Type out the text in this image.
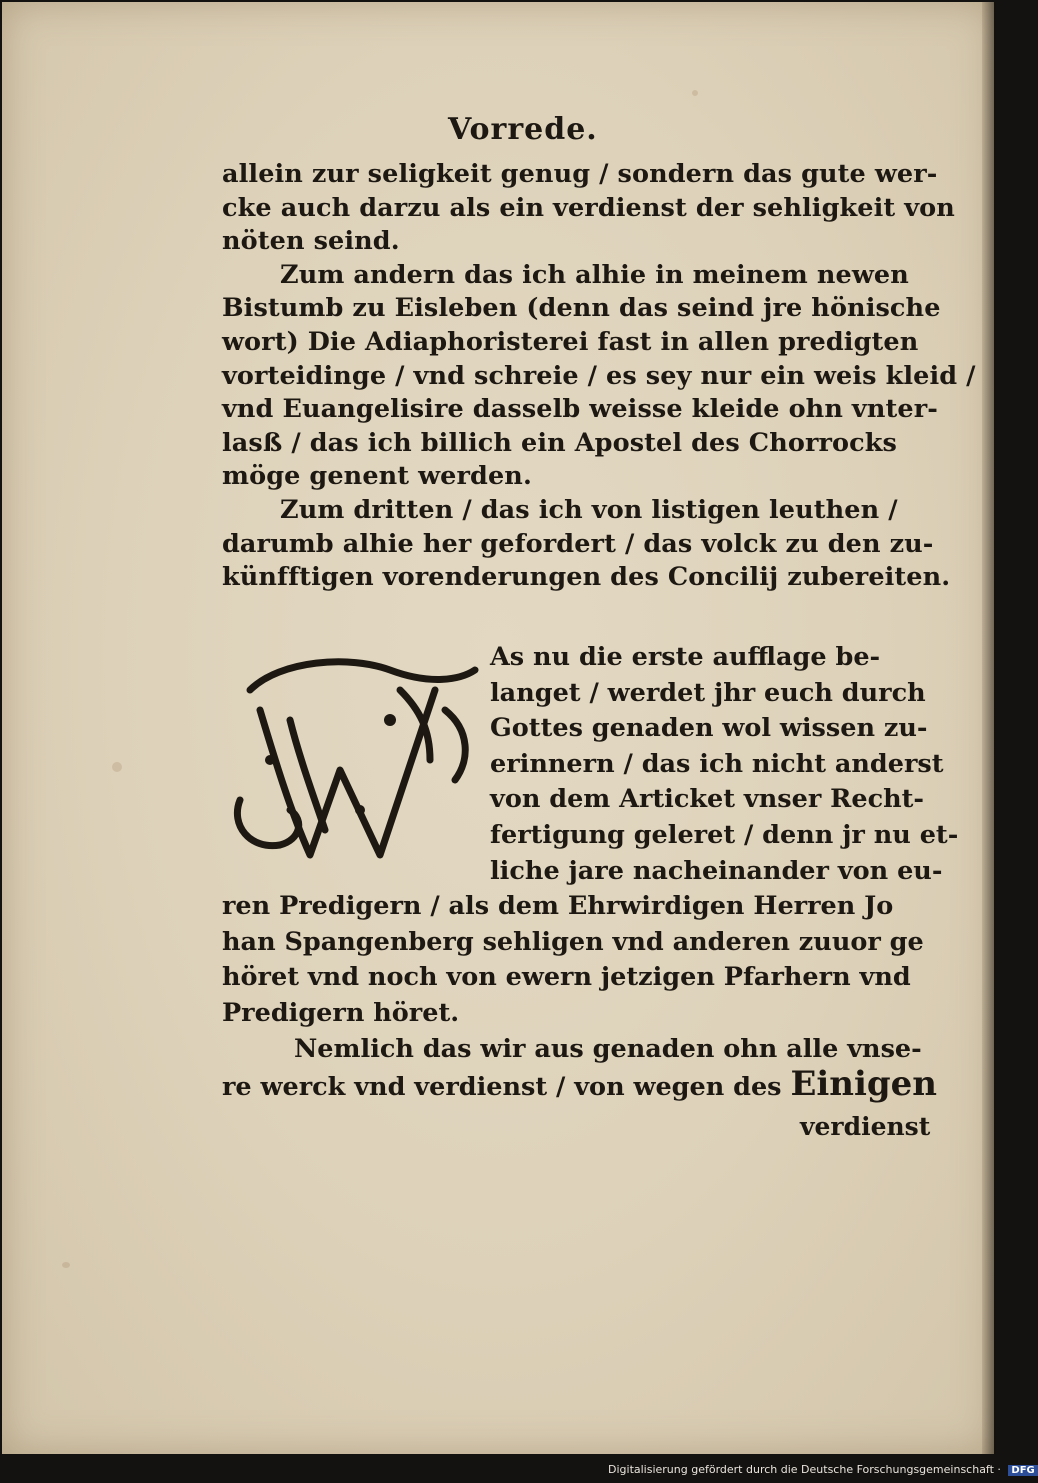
Vorrede.
allein zur seligkeit genug / sondern das gute wer-
cke auch darzu als ein verdienst der sehligkeit von
nöten seind.
Zum andern das ich alhie in meinem newen
Bistumb zu Eisleben (denn das seind jre hönische
wort) Die Adiaphoristerei fast in allen predigten
vorteidinge / vnd schreie / es sey nur ein weis kleid /
vnd Euangelisire dasselb weisse kleide ohn vnter-
lasß / das ich billich ein Apostel des Chorrocks
möge genent werden.
Zum dritten / das ich von listigen leuthen /
darumb alhie her gefordert / das volck zu den zu-
künfftigen vorenderungen des Concilij zubereiten.
As nu die erste aufflage be-
langet / werdet jhr euch durch
Gottes genaden wol wissen zu-
erinnern / das ich nicht anderst
von dem Articket vnser Recht-
fertigung geleret / denn jr nu et-
liche jare nacheinander von eu-
ren Predigern / als dem Ehrwirdigen Herren Jo
han Spangenberg sehligen vnd anderen zuuor ge
höret vnd noch von ewern jetzigen Pfarhern vnd
Predigern höret.
Nemlich das wir aus genaden ohn alle vnse-
re werck vnd verdienst / von wegen des Einigen
verdienst
Digitalisierung gefördert durch die Deutsche Forschungsgemeinschaft · DFG
